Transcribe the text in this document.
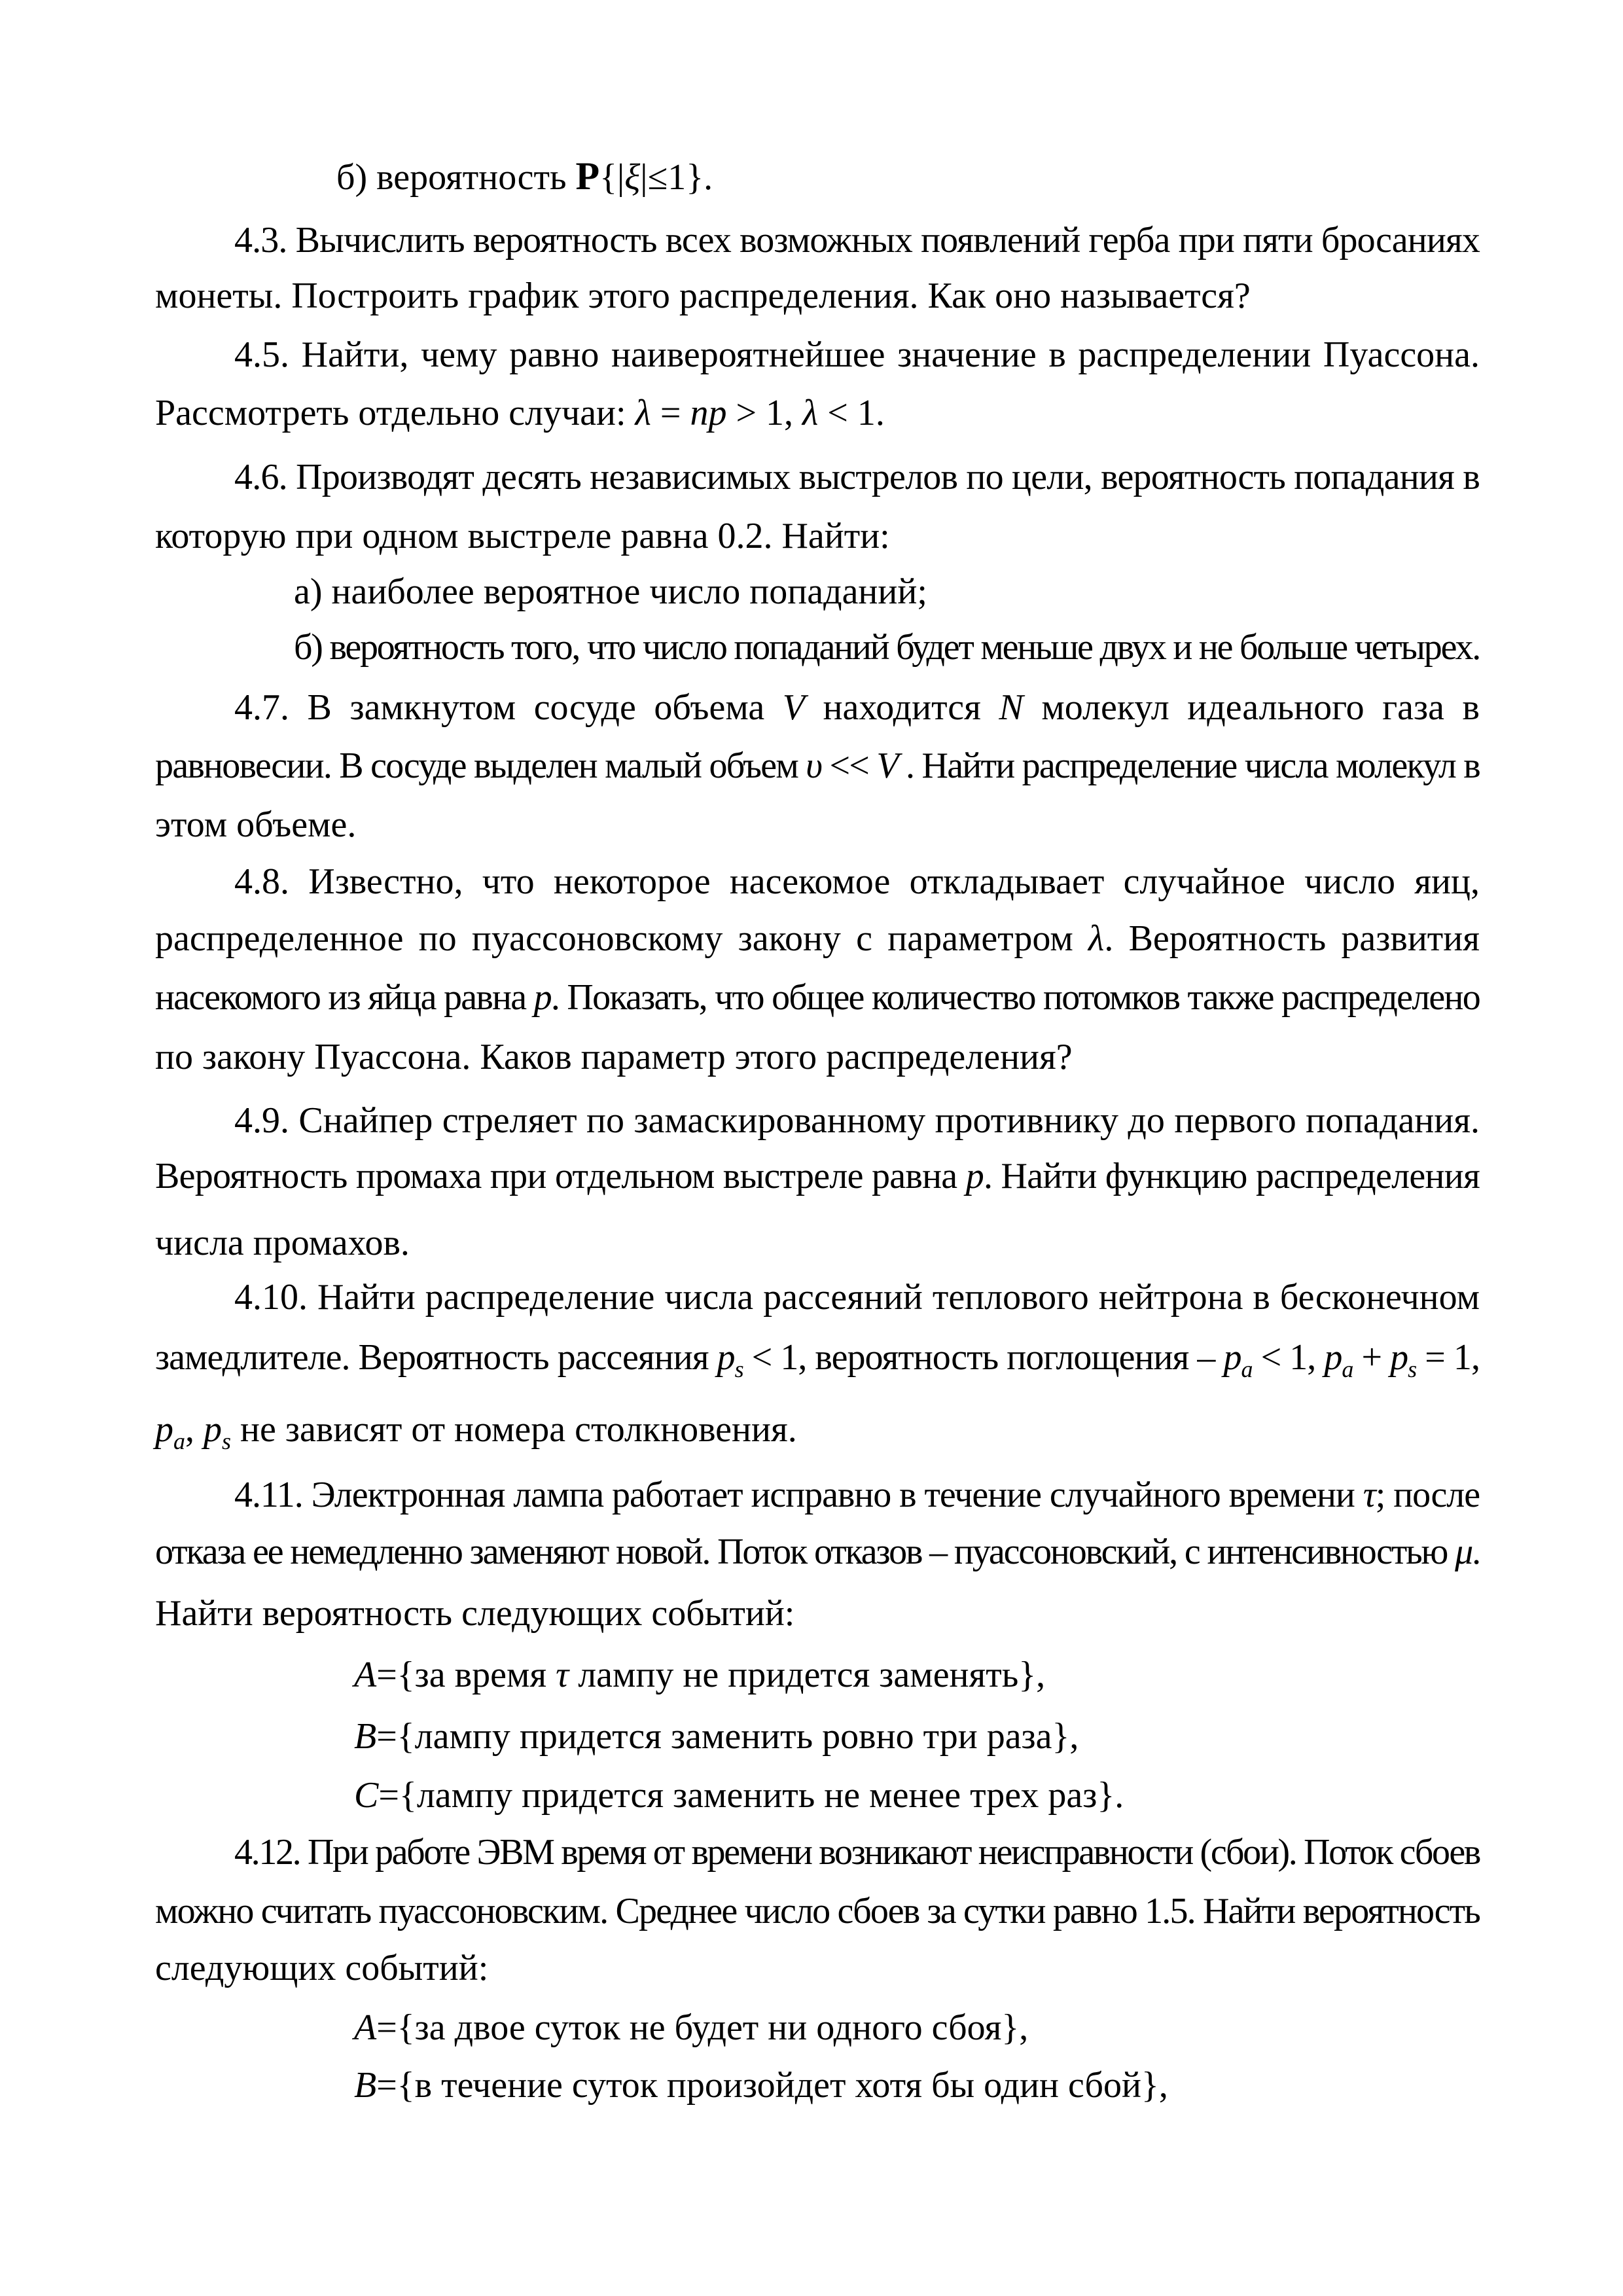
б) вероятность P{|ξ|≤1}.
4.3. Вычислить вероятность всех возможных появлений герба при пяти бросаниях
монеты. Построить график этого распределения. Как оно называется?
4.5. Найти, чему равно наивероятнейшее значение в распределении Пуассона.
Рассмотреть отдельно случаи: λ = np > 1, λ < 1.
4.6. Производят десять независимых выстрелов по цели, вероятность попадания в
которую при одном выстреле равна 0.2. Найти:
а) наиболее вероятное число попаданий;
б) вероятность того, что число попаданий будет меньше двух и не больше четырех.
4.7. В замкнутом сосуде объема V находится N молекул идеального газа в
равновесии. В сосуде выделен малый объем υ << V . Найти распределение числа молекул в
этом объеме.
4.8. Известно, что некоторое насекомое откладывает случайное число яиц,
распределенное по пуассоновскому закону с параметром λ. Вероятность развития
насекомого из яйца равна p. Показать, что общее количество потомков также распределено
по закону Пуассона. Каков параметр этого распределения?
4.9. Снайпер стреляет по замаскированному противнику до первого попадания.
Вероятность промаха при отдельном выстреле равна p. Найти функцию распределения
числа промахов.
4.10. Найти распределение числа рассеяний теплового нейтрона в бесконечном
замедлителе. Вероятность рассеяния $p_s < 1$, вероятность поглощения – $p_a < 1$, $p_a + p_s = 1$,
$p_a$, $p_s$ не зависят от номера столкновения.
4.11. Электронная лампа работает исправно в течение случайного времени τ; после
отказа ее немедленно заменяют новой. Поток отказов – пуассоновский, с интенсивностью μ.
Найти вероятность следующих событий:
A={за время τ лампу не придется заменять},
B={лампу придется заменить ровно три раза},
C={лампу придется заменить не менее трех раз}.
4.12. При работе ЭВМ время от времени возникают неисправности (сбои). Поток сбоев
можно считать пуассоновским. Среднее число сбоев за сутки равно 1.5. Найти вероятность
следующих событий:
A={за двое суток не будет ни одного сбоя},
B={в течение суток произойдет хотя бы один сбой},
